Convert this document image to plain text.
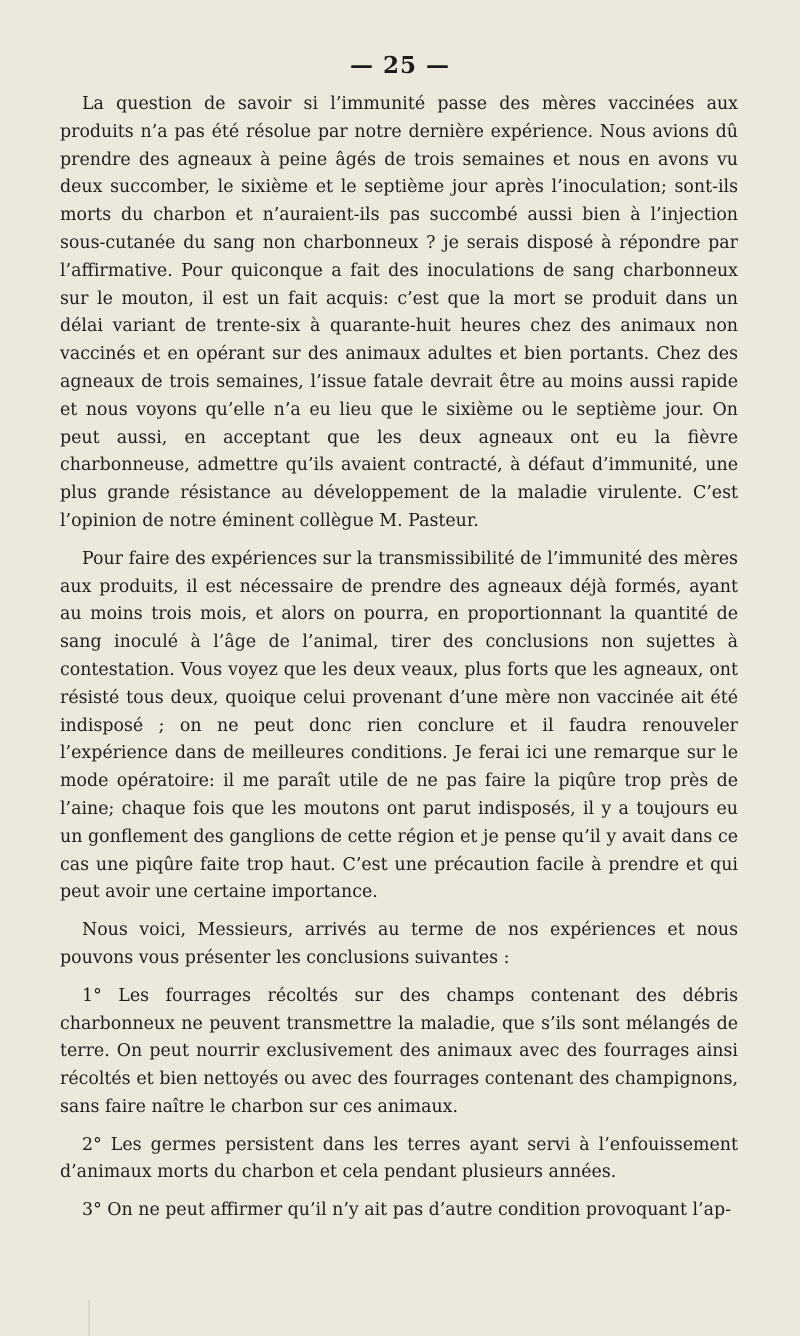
— 25 —

La question de savoir si l’immunité passe des mères vaccinées aux produits n’a pas été résolue par notre dernière expérience. Nous avions dû prendre des agneaux à peine âgés de trois semaines et nous en avons vu deux succomber, le sixième et le septième jour après l’inoculation; sont-ils morts du charbon et n’auraient-ils pas succombé aussi bien à l’injection sous-cutanée du sang non charbonneux ? je serais disposé à répondre par l’affirmative. Pour quiconque a fait des inoculations de sang charbonneux sur le mouton, il est un fait acquis: c’est que la mort se produit dans un délai variant de trente-six à quarante-huit heures chez des animaux non vaccinés et en opérant sur des animaux adultes et bien portants. Chez des agneaux de trois semaines, l’issue fatale devrait être au moins aussi rapide et nous voyons qu’elle n’a eu lieu que le sixième ou le septième jour. On peut aussi, en acceptant que les deux agneaux ont eu la fièvre charbonneuse, admettre qu’ils avaient contracté, à défaut d’immunité, une plus grande résistance au développement de la maladie virulente. C’est l’opinion de notre éminent collègue M. Pasteur.

Pour faire des expériences sur la transmissibilité de l’immunité des mères aux produits, il est nécessaire de prendre des agneaux déjà formés, ayant au moins trois mois, et alors on pourra, en proportionnant la quantité de sang inoculé à l’âge de l’animal, tirer des conclusions non sujettes à contestation. Vous voyez que les deux veaux, plus forts que les agneaux, ont résisté tous deux, quoique celui provenant d’une mère non vaccinée ait été indisposé ; on ne peut donc rien conclure et il faudra renouveler l’expérience dans de meilleures conditions. Je ferai ici une remarque sur le mode opératoire: il me paraît utile de ne pas faire la piqûre trop près de l’aine; chaque fois que les moutons ont parut indisposés, il y a toujours eu un gonflement des ganglions de cette région et je pense qu’il y avait dans ce cas une piqûre faite trop haut. C’est une précaution facile à prendre et qui peut avoir une certaine importance.

Nous voici, Messieurs, arrivés au terme de nos expériences et nous pouvons vous présenter les conclusions suivantes :

1° Les fourrages récoltés sur des champs contenant des débris charbonneux ne peuvent transmettre la maladie, que s’ils sont mélangés de terre. On peut nourrir exclusivement des animaux avec des fourrages ainsi récoltés et bien nettoyés ou avec des fourrages contenant des champignons, sans faire naître le charbon sur ces animaux.

2° Les germes persistent dans les terres ayant servi à l’enfouissement d’animaux morts du charbon et cela pendant plusieurs années.

3° On ne peut affirmer qu’il n’y ait pas d’autre condition provoquant l’ap-
